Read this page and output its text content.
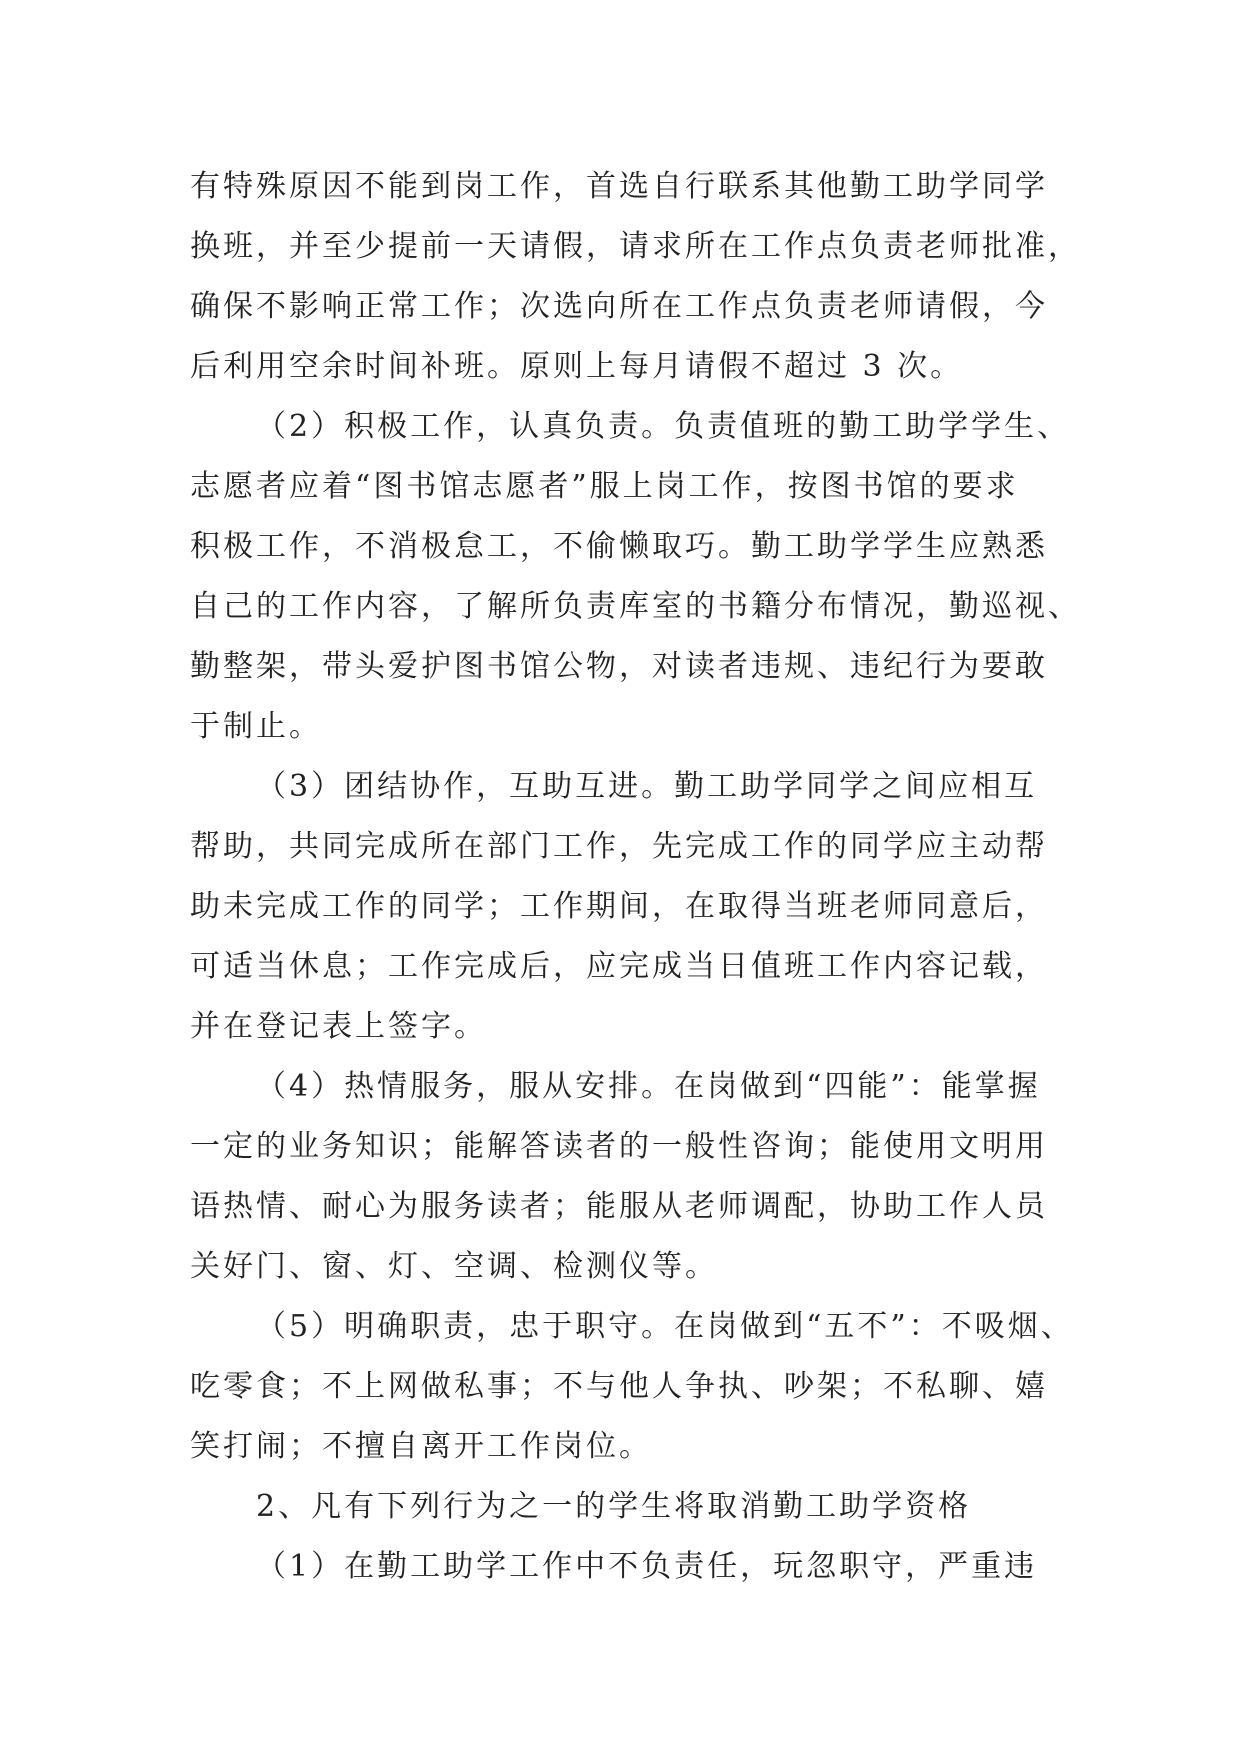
有特殊原因不能到岗工作，首选自行联系其他勤工助学同学
换班，并至少提前一天请假，请求所在工作点负责老师批准，
确保不影响正常工作；次选向所在工作点负责老师请假，今
后利用空余时间补班。原则上每月请假不超过 3 次。
（2）积极工作，认真负责。负责值班的勤工助学学生、
志愿者应着“图书馆志愿者”服上岗工作，按图书馆的要求
积极工作，不消极怠工，不偷懒取巧。勤工助学学生应熟悉
自己的工作内容，了解所负责库室的书籍分布情况，勤巡视、
勤整架，带头爱护图书馆公物，对读者违规、违纪行为要敢
于制止。
（3）团结协作，互助互进。勤工助学同学之间应相互
帮助，共同完成所在部门工作，先完成工作的同学应主动帮
助未完成工作的同学；工作期间，在取得当班老师同意后，
可适当休息；工作完成后，应完成当日值班工作内容记载，
并在登记表上签字。
（4）热情服务，服从安排。在岗做到“四能”：能掌握
一定的业务知识；能解答读者的一般性咨询；能使用文明用
语热情、耐心为服务读者；能服从老师调配，协助工作人员
关好门、窗、灯、空调、检测仪等。
（5）明确职责，忠于职守。在岗做到“五不”：不吸烟、
吃零食；不上网做私事；不与他人争执、吵架；不私聊、嬉
笑打闹；不擅自离开工作岗位。
2、凡有下列行为之一的学生将取消勤工助学资格
（1）在勤工助学工作中不负责任，玩忽职守，严重违
